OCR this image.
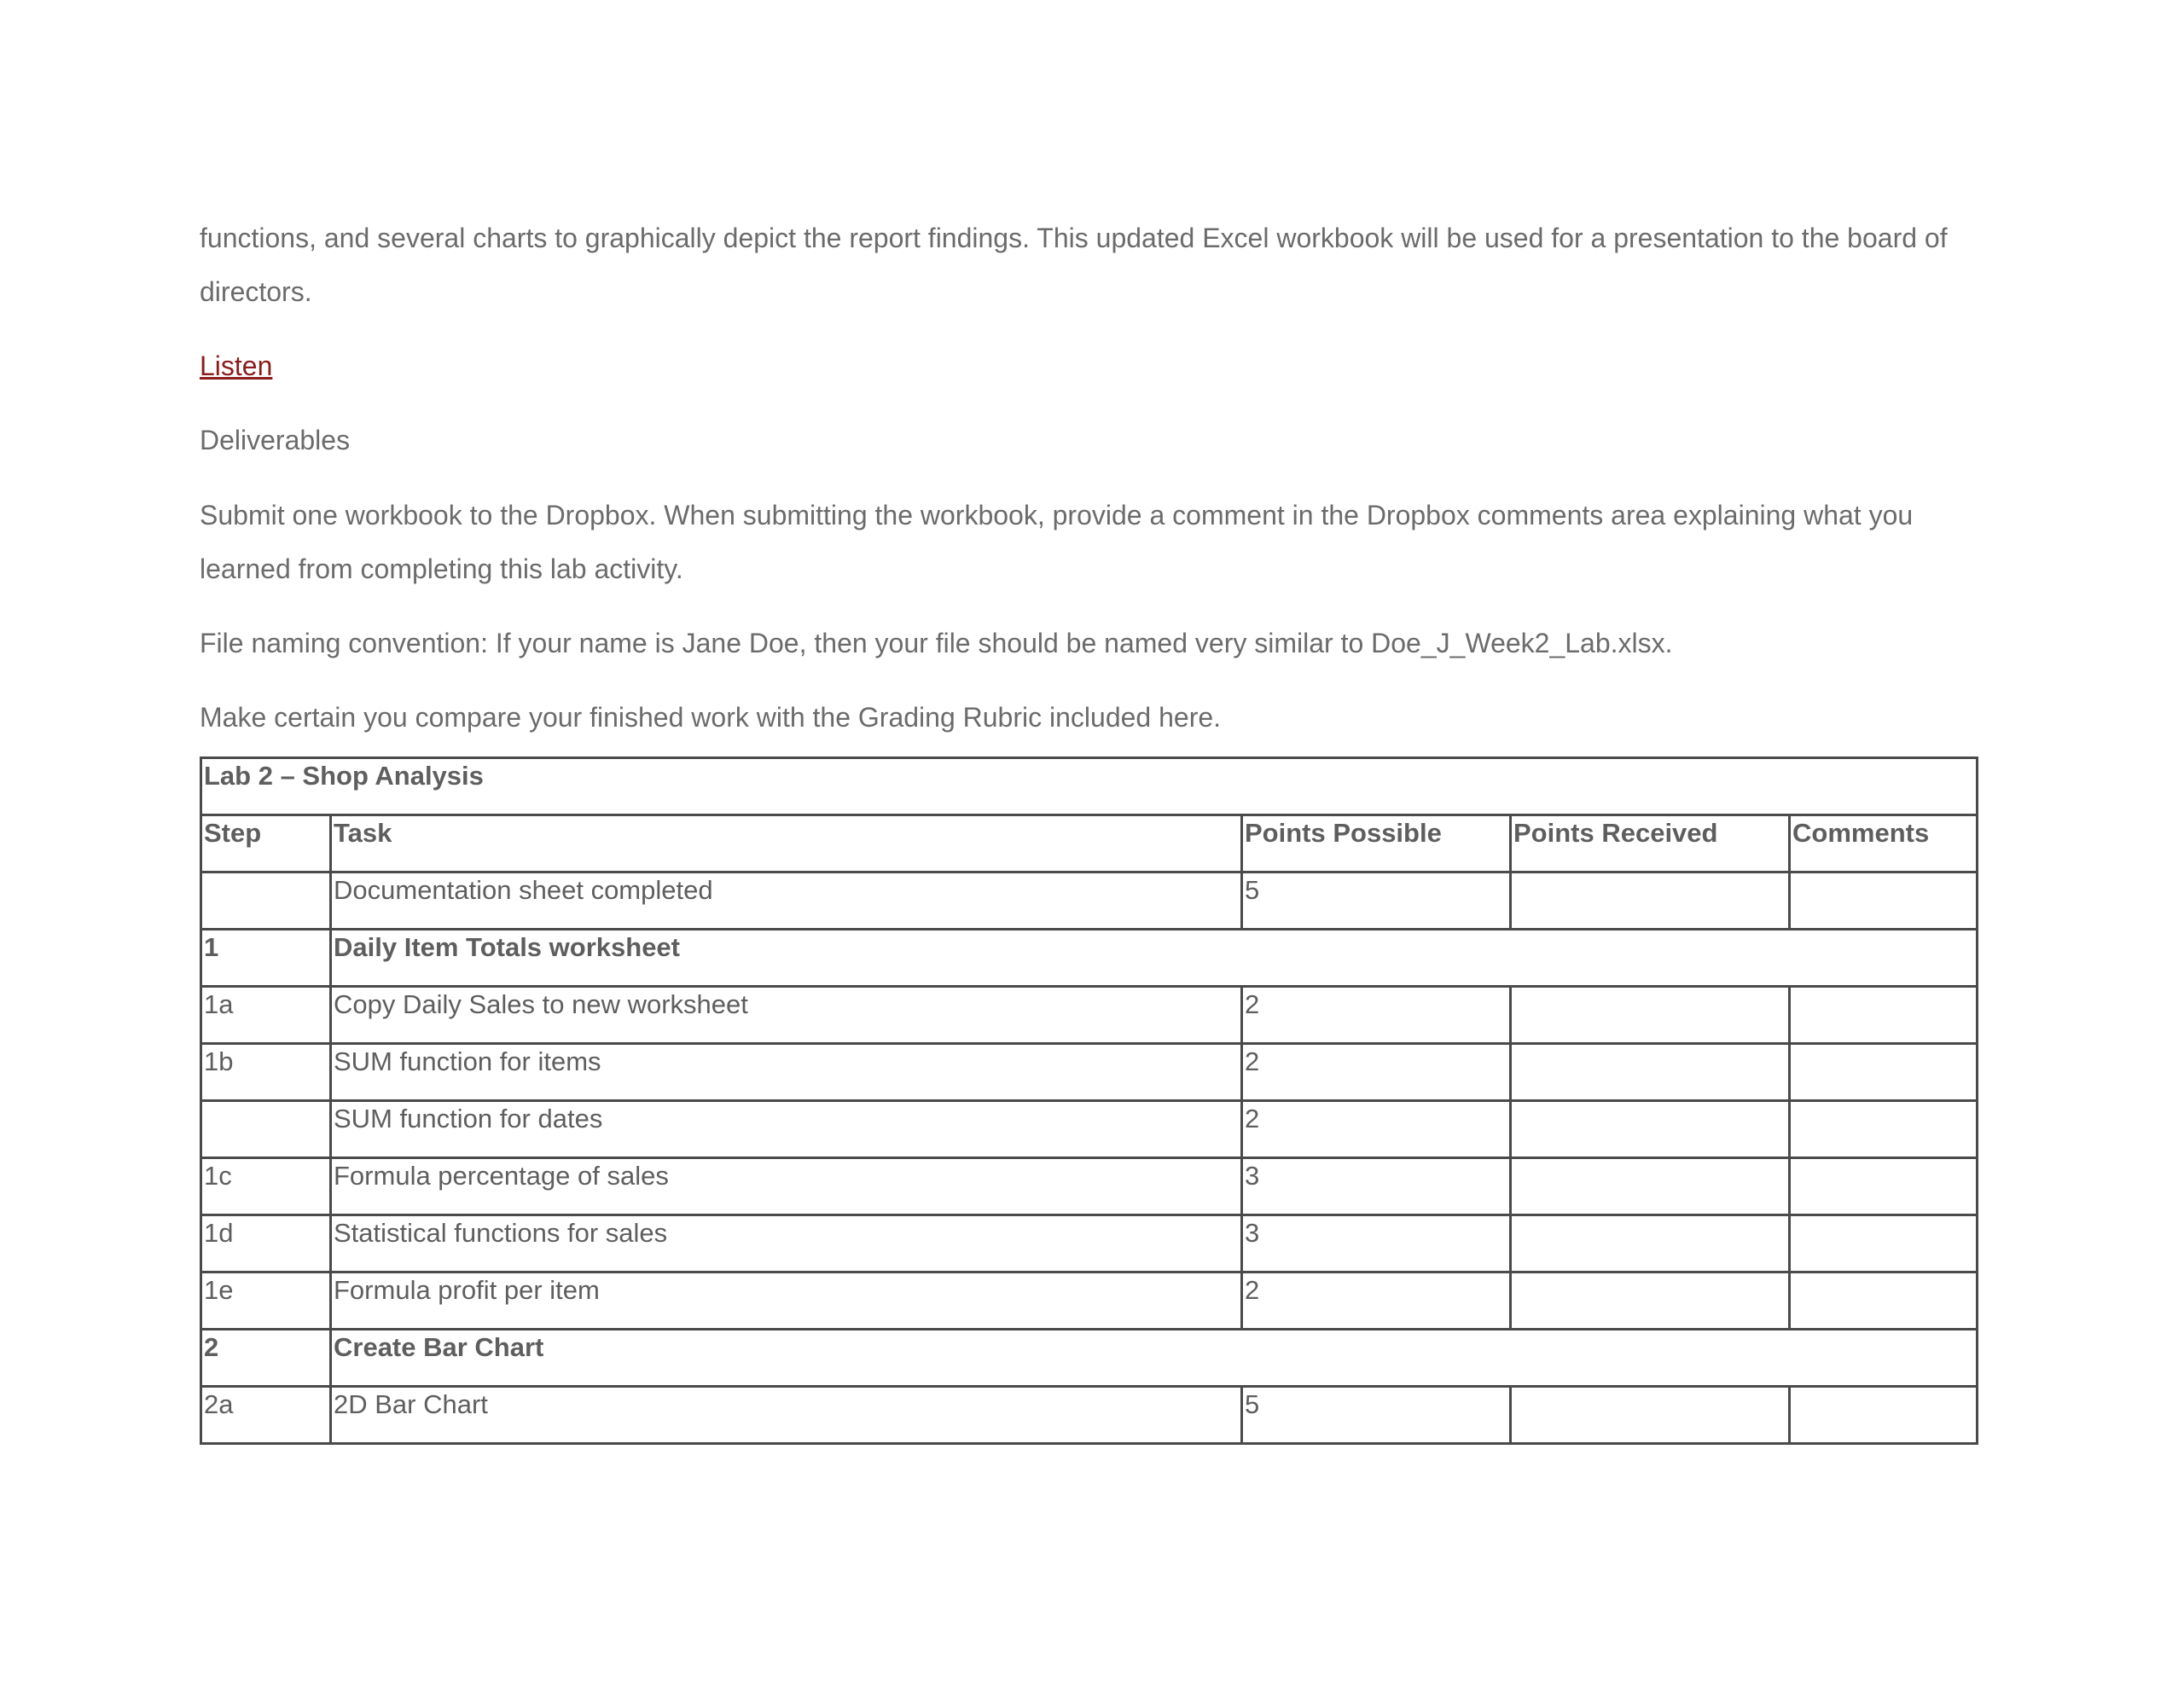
functions, and several charts to graphically depict the report findings. This updated Excel workbook will be used for a presentation to the board of

directors.

Listen

Deliverables

Submit one workbook to the Dropbox. When submitting the workbook, provide a comment in the Dropbox comments area explaining what you

learned from completing this lab activity.

File naming convention: If your name is Jane Doe, then your file should be named very similar to Doe_J_Week2_Lab.xlsx.

Make certain you compare your finished work with the Grading Rubric included here.

Lab 2 – Shop Analysis				
Step	Task	Points Possible	Points Received	Comments
	Documentation sheet completed	5		
1	Daily Item Totals worksheet			
1a	Copy Daily Sales to new worksheet	2		
1b	SUM function for items	2		
	SUM function for dates	2		
1c	Formula percentage of sales	3		
1d	Statistical functions for sales	3		
1e	Formula profit per item	2		
2	Create Bar Chart			
2a	2D Bar Chart	5		
